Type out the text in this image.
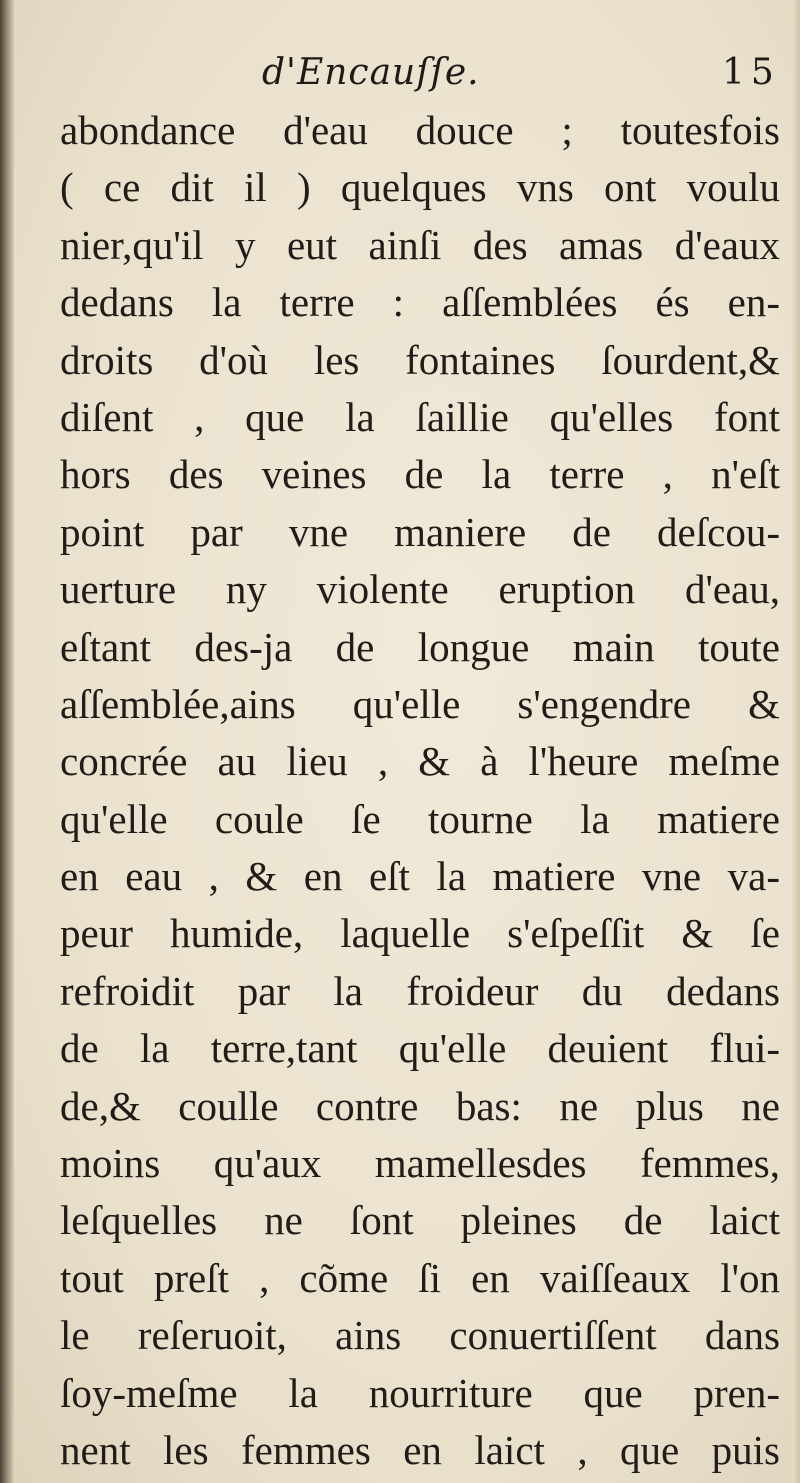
d'Encauſſe.	15
abondance d'eau douce ; toutesfois
( ce dit il ) quelques vns ont voulu
nier,qu'il y eut ainſi des amas d'eaux
dedans la terre : aſſemblées és en-
droits d'où les fontaines ſourdent,&
diſent , que la ſaillie qu'elles font
hors des veines de la terre , n'eſt
point par vne maniere de deſcou-
uerture ny violente eruption d'eau,
eſtant des-ja de longue main toute
aſſemblée,ains qu'elle s'engendre &
concrée au lieu , & à l'heure meſme
qu'elle coule ſe tourne la matiere
en eau , & en eſt la matiere vne va-
peur humide, laquelle s'eſpeſſit & ſe
refroidit par la froideur du dedans
de la terre,tant qu'elle deuient flui-
de,& coulle contre bas: ne plus ne
moins qu'aux mamellesdes femmes,
leſquelles ne ſont pleines de laict
tout preſt , cõme ſi en vaiſſeaux l'on
le reſeruoit, ains conuertiſſent dans
ſoy-meſme la nourriture que pren-
nent les femmes en laict , que puis
